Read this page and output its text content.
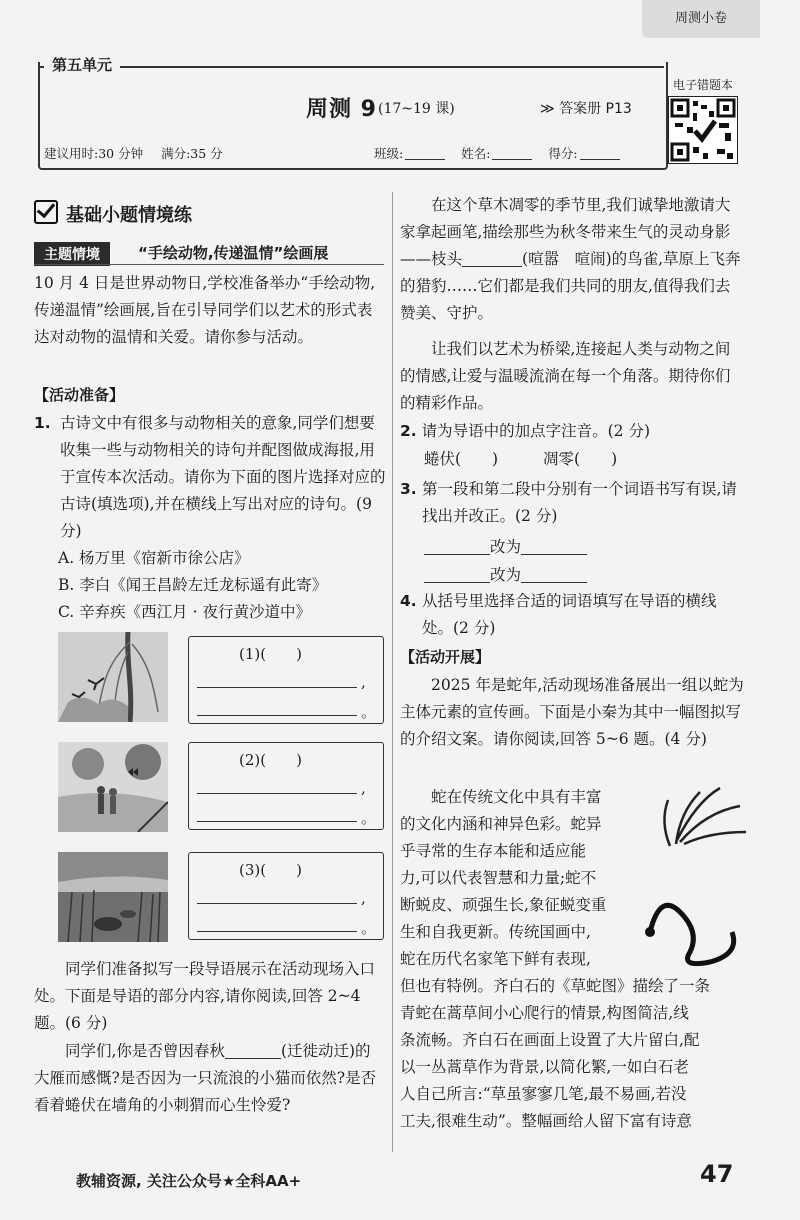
周测小卷
第五单元
周测 9 (17~19 课)	≫ 答案册 P13
电子错题本
建议用时:30 分钟 满分:35 分	班级:	姓名:	得分:
基础小题情境练
主题情境	“手绘动物,传递温情”绘画展
10 月 4 日是世界动物日,学校准备举办“手绘动物,传递温情”绘画展,旨在引导同学们以艺术的形式表达对动物的温情和关爱。请你参与活动。
【活动准备】
1. 古诗文中有很多与动物相关的意象,同学们想要收集一些与动物相关的诗句并配图做成海报,用于宣传本次活动。请你为下面的图片选择对应的古诗(填选项),并在横线上写出对应的诗句。(9 分)
A. 杨万里《宿新市徐公店》
B. 李白《闻王昌龄左迁龙标遥有此寄》
C. 辛弃疾《西江月 · 夜行黄沙道中》
(1)(　　)
,
。
(2)(　　)
,
。
(3)(　　)
,
。
同学们准备拟写一段导语展示在活动现场入口处。下面是导语的部分内容,请你阅读,回答 2~4 题。(6 分)
同学们,你是否曾因春秋	(迁徙动迁)的大雁而感慨?是否因为一只流浪的小猫而依然?是否看着蜷伏在墙角的小刺猬而心生怜爱?
在这个草木凋零的季节里,我们诚挚地激请大家拿起画笔,描绘那些为秋冬带来生气的灵动身影——枝头	(喧嚣　喧闹)的鸟雀,草原上飞奔的猎豹……它们都是我们共同的朋友,值得我们去赞美、守护。
让我们以艺术为桥梁,连接起人类与动物之间的情感,让爱与温暖流淌在每一个角落。期待你们的精彩作品。
2. 请为导语中的加点字注音。(2 分)
蜷伏(　　)	凋零(　　)
3. 第一段和第二段中分别有一个词语书写有误,请找出并改正。(2 分)
改为
改为
4. 从括号里选择合适的词语填写在导语的横线处。(2 分)
【活动开展】
2025 年是蛇年,活动现场准备展出一组以蛇为主体元素的宣传画。下面是小秦为其中一幅图拟写的介绍文案。请你阅读,回答 5~6 题。(4 分)
蛇在传统文化中具有丰富
的文化内涵和神异色彩。蛇异
乎寻常的生存本能和适应能
力,可以代表智慧和力量;蛇不
断蜕皮、顽强生长,象征蜕变重
生和自我更新。传统国画中,
蛇在历代名家笔下鲜有表现,
但也有特例。齐白石的《草蛇图》描绘了一条
青蛇在蒿草间小心爬行的情景,构图简洁,线
条流畅。齐白石在画面上设置了大片留白,配
以一丛蒿草作为背景,以简化繁,一如白石老
人自己所言:“草虽寥寥几笔,最不易画,若没
工夫,很难生动”。整幅画给人留下富有诗意
教辅资源, 关注公众号★全科AA+	47
